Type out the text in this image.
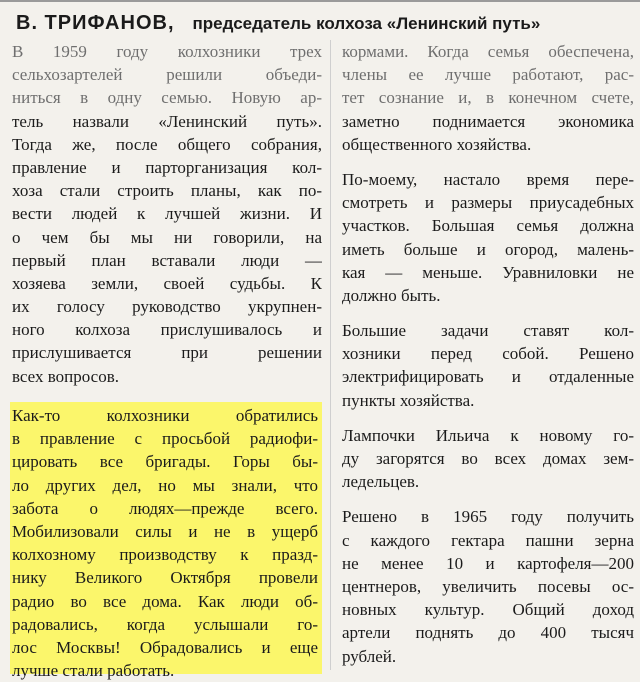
В. ТРИФАНОВ, председатель колхоза «Ленинский путь»
В 1959 году колхозники трех
сельхозартелей решили объеди-
ниться в одну семью. Новую ар-
тель назвали «Ленинский путь».
Тогда же, после общего собрания,
правление и партоpганизация кол-
хоза стали строить планы, как по-
вести людей к лучшей жизни. И
о чем бы мы ни говорили, на
первый план вставали люди —
хозяева земли, своей судьбы. К
их голосу руководство укрупнен-
ного колхоза прислушивалось и
прислушивается при решении
всех вопросов.
Как-то колхозники обратились
в правление с просьбой радиофи-
цировать все бригады. Горы бы-
ло других дел, но мы знали, что
забота о людях—прежде всего.
Мобилизовали силы и не в ущерб
колхозному производству к празд-
нику Великого Октября провели
радио во все дома. Как люди об-
радовались, когда услышали го-
лос Москвы! Обрадовались и еще
лучше стали работать.
кормами. Когда семья обеспечена,
члены ее лучше работают, рас-
тет сознание и, в конечном счете,
заметно поднимается экономика
общественного хозяйства.
По-моему, настало время пере-
смотреть и размеры приусадебных
участков. Большая семья должна
иметь больше и огород, малень-
кая — меньше. Уравниловки не
должно быть.
Большие задачи ставят кол-
хозники перед собой. Решено
электрифицировать и отдаленные
пункты хозяйства.
Лампочки Ильича к новому го-
ду загорятся во всех домах зем-
ледельцев.
Решено в 1965 году получить
с каждого гектара пашни зерна
не менее 10 и картофеля—200
центнеров, увеличить посевы ос-
новных культур. Общий доход
артели поднять до 400 тысяч
рублей.
